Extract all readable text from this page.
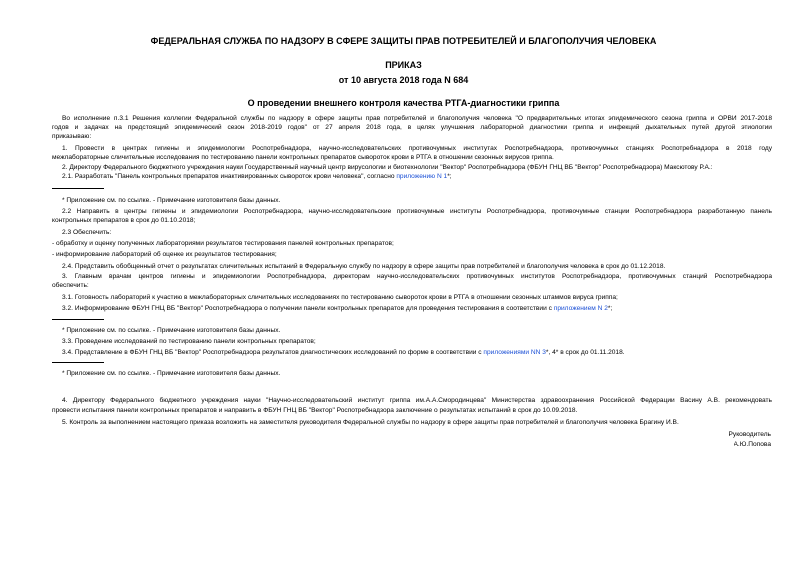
ФЕДЕРАЛЬНАЯ СЛУЖБА ПО НАДЗОРУ В СФЕРЕ ЗАЩИТЫ ПРАВ ПОТРЕБИТЕЛЕЙ И БЛАГОПОЛУЧИЯ ЧЕЛОВЕКА
ПРИКАЗ
от 10 августа 2018 года N 684
О проведении внешнего контроля качества РТГА-диагностики гриппа
Во исполнение п.3.1 Решения коллегии Федеральной службы по надзору в сфере защиты прав потребителей и благополучия человека "О предварительных итогах эпидемического сезона гриппа и ОРВИ 2017-2018
годов и задачах на предстоящий эпидемический сезон 2018-2019 годов" от 27 апреля 2018 года, в целях улучшения лабораторной диагностики гриппа и инфекций дыхательных путей другой этиологии
приказываю:
1. Провести в центрах гигиены и эпидемиологии Роспотребнадзора, научно-исследовательских противочумных институтах Роспотребнадзора, противочумных станциях Роспотребнадзора в 2018 году
межлабораторные сличительные исследования по тестированию панели контрольных препаратов сывороток крови в РТГА в отношении сезонных вирусов гриппа.
2. Директору Федерального бюджетного учреждения науки Государственный научный центр вирусологии и биотехнологии "Вектор" Роспотребнадзора (ФБУН ГНЦ ВБ "Вектор" Роспотребнадзора) Максютову Р.А.:
2.1. Разработать "Панель контрольных препаратов инактивированных сывороток крови человека", согласно приложению N 1*;
* Приложение см. по ссылке. - Примечание изготовителя базы данных.
2.2 Направить в центры гигиены и эпидемиологии Роспотребнадзора, научно-исследовательские противочумные институты Роспотребнадзора, противочумные станции Роспотребнадзора разработанную панель
контрольных препаратов в срок до 01.10.2018;
2.3 Обеспечить:
- обработку и оценку полученных лабораториями результатов тестирования панелей контрольных препаратов;
- информирование лабораторий об оценке их результатов тестирования;
2.4. Представить обобщенный отчет о результатах сличительных испытаний в Федеральную службу по надзору в сфере защиты прав потребителей и благополучия человека в срок до 01.12.2018.
3. Главным врачам центров гигиены и эпидемиологии Роспотребнадзора, директорам научно-исследовательских противочумных институтов Роспотребнадзора, противочумных станций Роспотребнадзора
обеспечить:
3.1. Готовность лабораторий к участию в межлабораторных сличительных исследованиях по тестированию сывороток крови в РТГА в отношении сезонных штаммов вируса гриппа;
3.2. Информирование ФБУН ГНЦ ВБ "Вектор" Роспотребнадзора о получении панели контрольных препаратов для проведения тестирования в соответствии с приложением N 2*;
* Приложение см. по ссылке. - Примечание изготовителя базы данных.
3.3. Проведение исследований по тестированию панели контрольных препаратов;
3.4. Представление в ФБУН ГНЦ ВБ "Вектор" Роспотребнадзора результатов диагностических исследований по форме в соответствии с приложениями NN 3*, 4* в срок до 01.11.2018.
* Приложение см. по ссылке. - Примечание изготовителя базы данных.
4. Директору Федерального бюджетного учреждения науки "Научно-исследовательский институт гриппа им.А.А.Смородинцева" Министерства здравоохранения Российской Федерации Васину А.В. рекомендовать
провести испытания панели контрольных препаратов и направить в ФБУН ГНЦ ВБ "Вектор" Роспотребнадзора заключение о результатах испытаний в срок до 10.09.2018.
5. Контроль за выполнением настоящего приказа возложить на заместителя руководителя Федеральной службы по надзору в сфере защиты прав потребителей и благополучия человека Брагину И.В.
Руководитель
А.Ю.Попова
